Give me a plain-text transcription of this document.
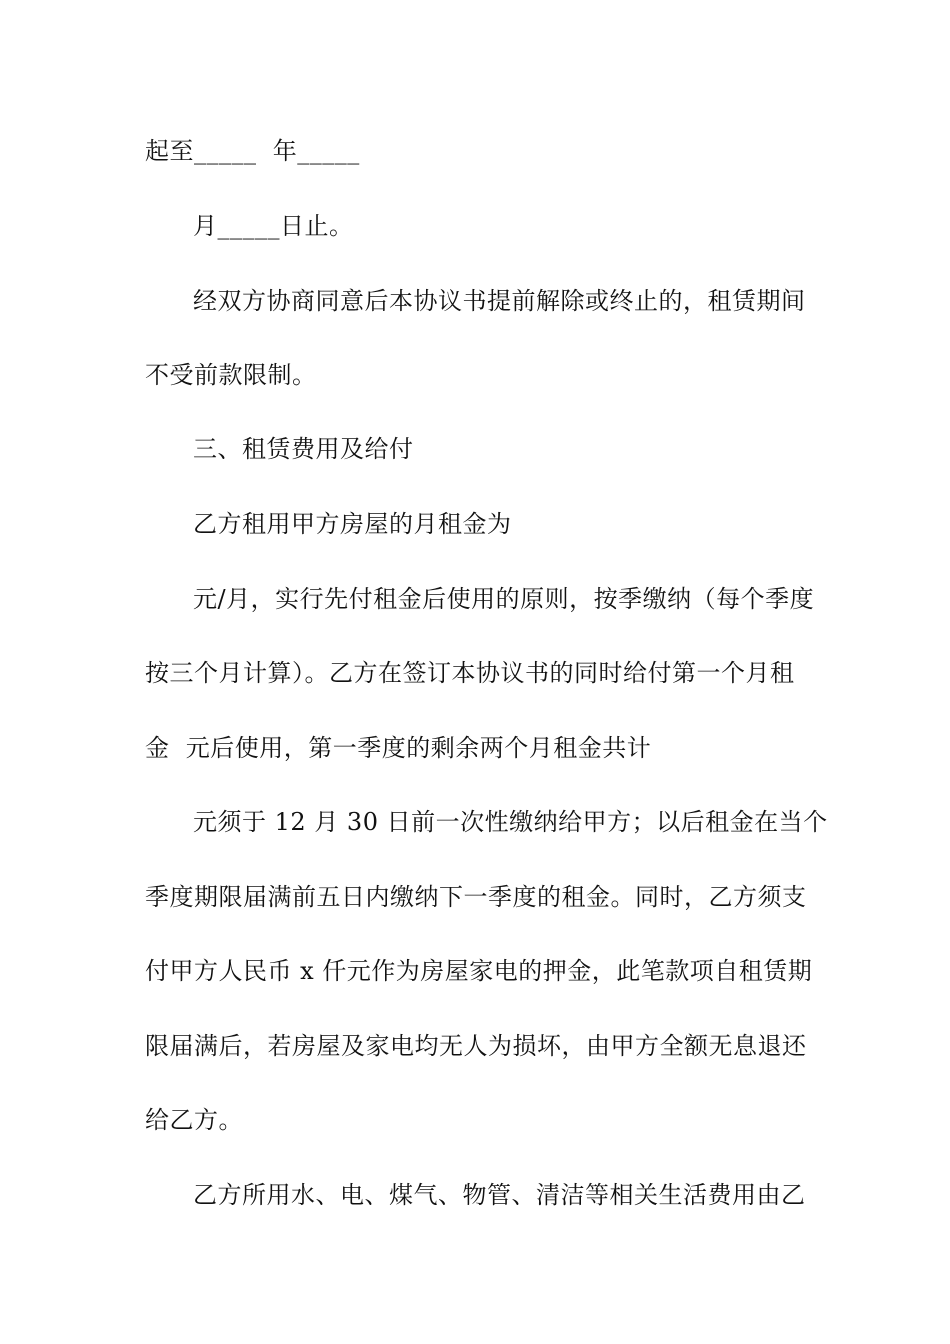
起至_____  年_____
月_____日止。
经双方协商同意后本协议书提前解除或终止的，租赁期间
不受前款限制。
三、租赁费用及给付
乙方租用甲方房屋的月租金为
元/月，实行先付租金后使用的原则，按季缴纳（每个季度
按三个月计算）。乙方在签订本协议书的同时给付第一个月租
金  元后使用，第一季度的剩余两个月租金共计
元须于 12 月 30 日前一次性缴纳给甲方；以后租金在当个
季度期限届满前五日内缴纳下一季度的租金。同时，乙方须支
付甲方人民币 x 仟元作为房屋家电的押金，此笔款项自租赁期
限届满后，若房屋及家电均无人为损坏，由甲方全额无息退还
给乙方。
乙方所用水、电、煤气、物管、清洁等相关生活费用由乙
